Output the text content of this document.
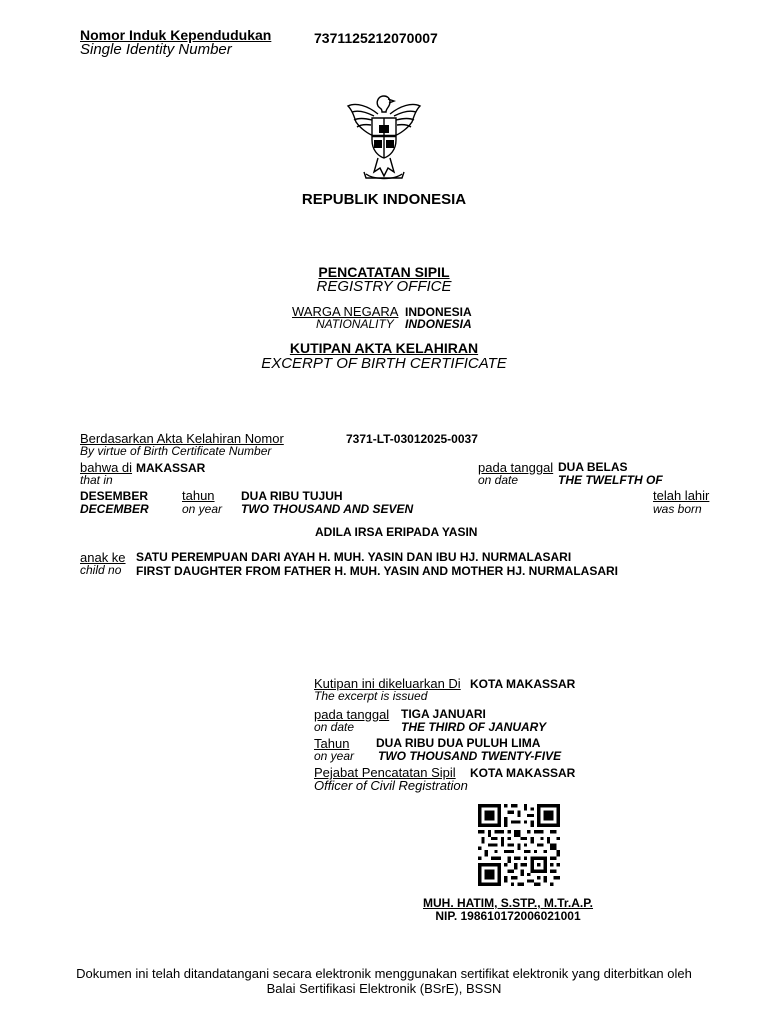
Nomor Induk Kependudukan
Single Identity Number
7371125212070007
REPUBLIK INDONESIA
PENCATATAN SIPIL
REGISTRY OFFICE
WARGA NEGARA INDONESIA
NATIONALITY INDONESIA
KUTIPAN AKTA KELAHIRAN
EXCERPT OF BIRTH CERTIFICATE
Berdasarkan Akta Kelahiran Nomor
By virtue of Birth Certificate Number
7371-LT-03012025-0037
bahwa di MAKASSAR
that in
pada tanggal DUA BELAS
on date	THE TWELFTH OF
DESEMBER
DECEMBER
tahun
on year
DUA RIBU TUJUH
TWO THOUSAND AND SEVEN
telah lahir
was born
ADILA IRSA ERIPADA YASIN
anak ke
child no
SATU PEREMPUAN DARI AYAH H. MUH. YASIN DAN IBU HJ. NURMALASARI
FIRST DAUGHTER FROM FATHER H. MUH. YASIN AND MOTHER HJ. NURMALASARI
Kutipan ini dikeluarkan Di
The excerpt is issued
KOTA MAKASSAR
pada tanggal
on date
TIGA JANUARI
THE THIRD OF JANUARY
Tahun
on year
DUA RIBU DUA PULUH LIMA
TWO THOUSAND TWENTY-FIVE
Pejabat Pencatatan Sipil
Officer of Civil Registration
KOTA MAKASSAR
MUH. HATIM, S.STP., M.Tr.A.P.
NIP. 198610172006021001
Dokumen ini telah ditandatangani secara elektronik menggunakan sertifikat elektronik yang diterbitkan oleh
Balai Sertifikasi Elektronik (BSrE), BSSN
